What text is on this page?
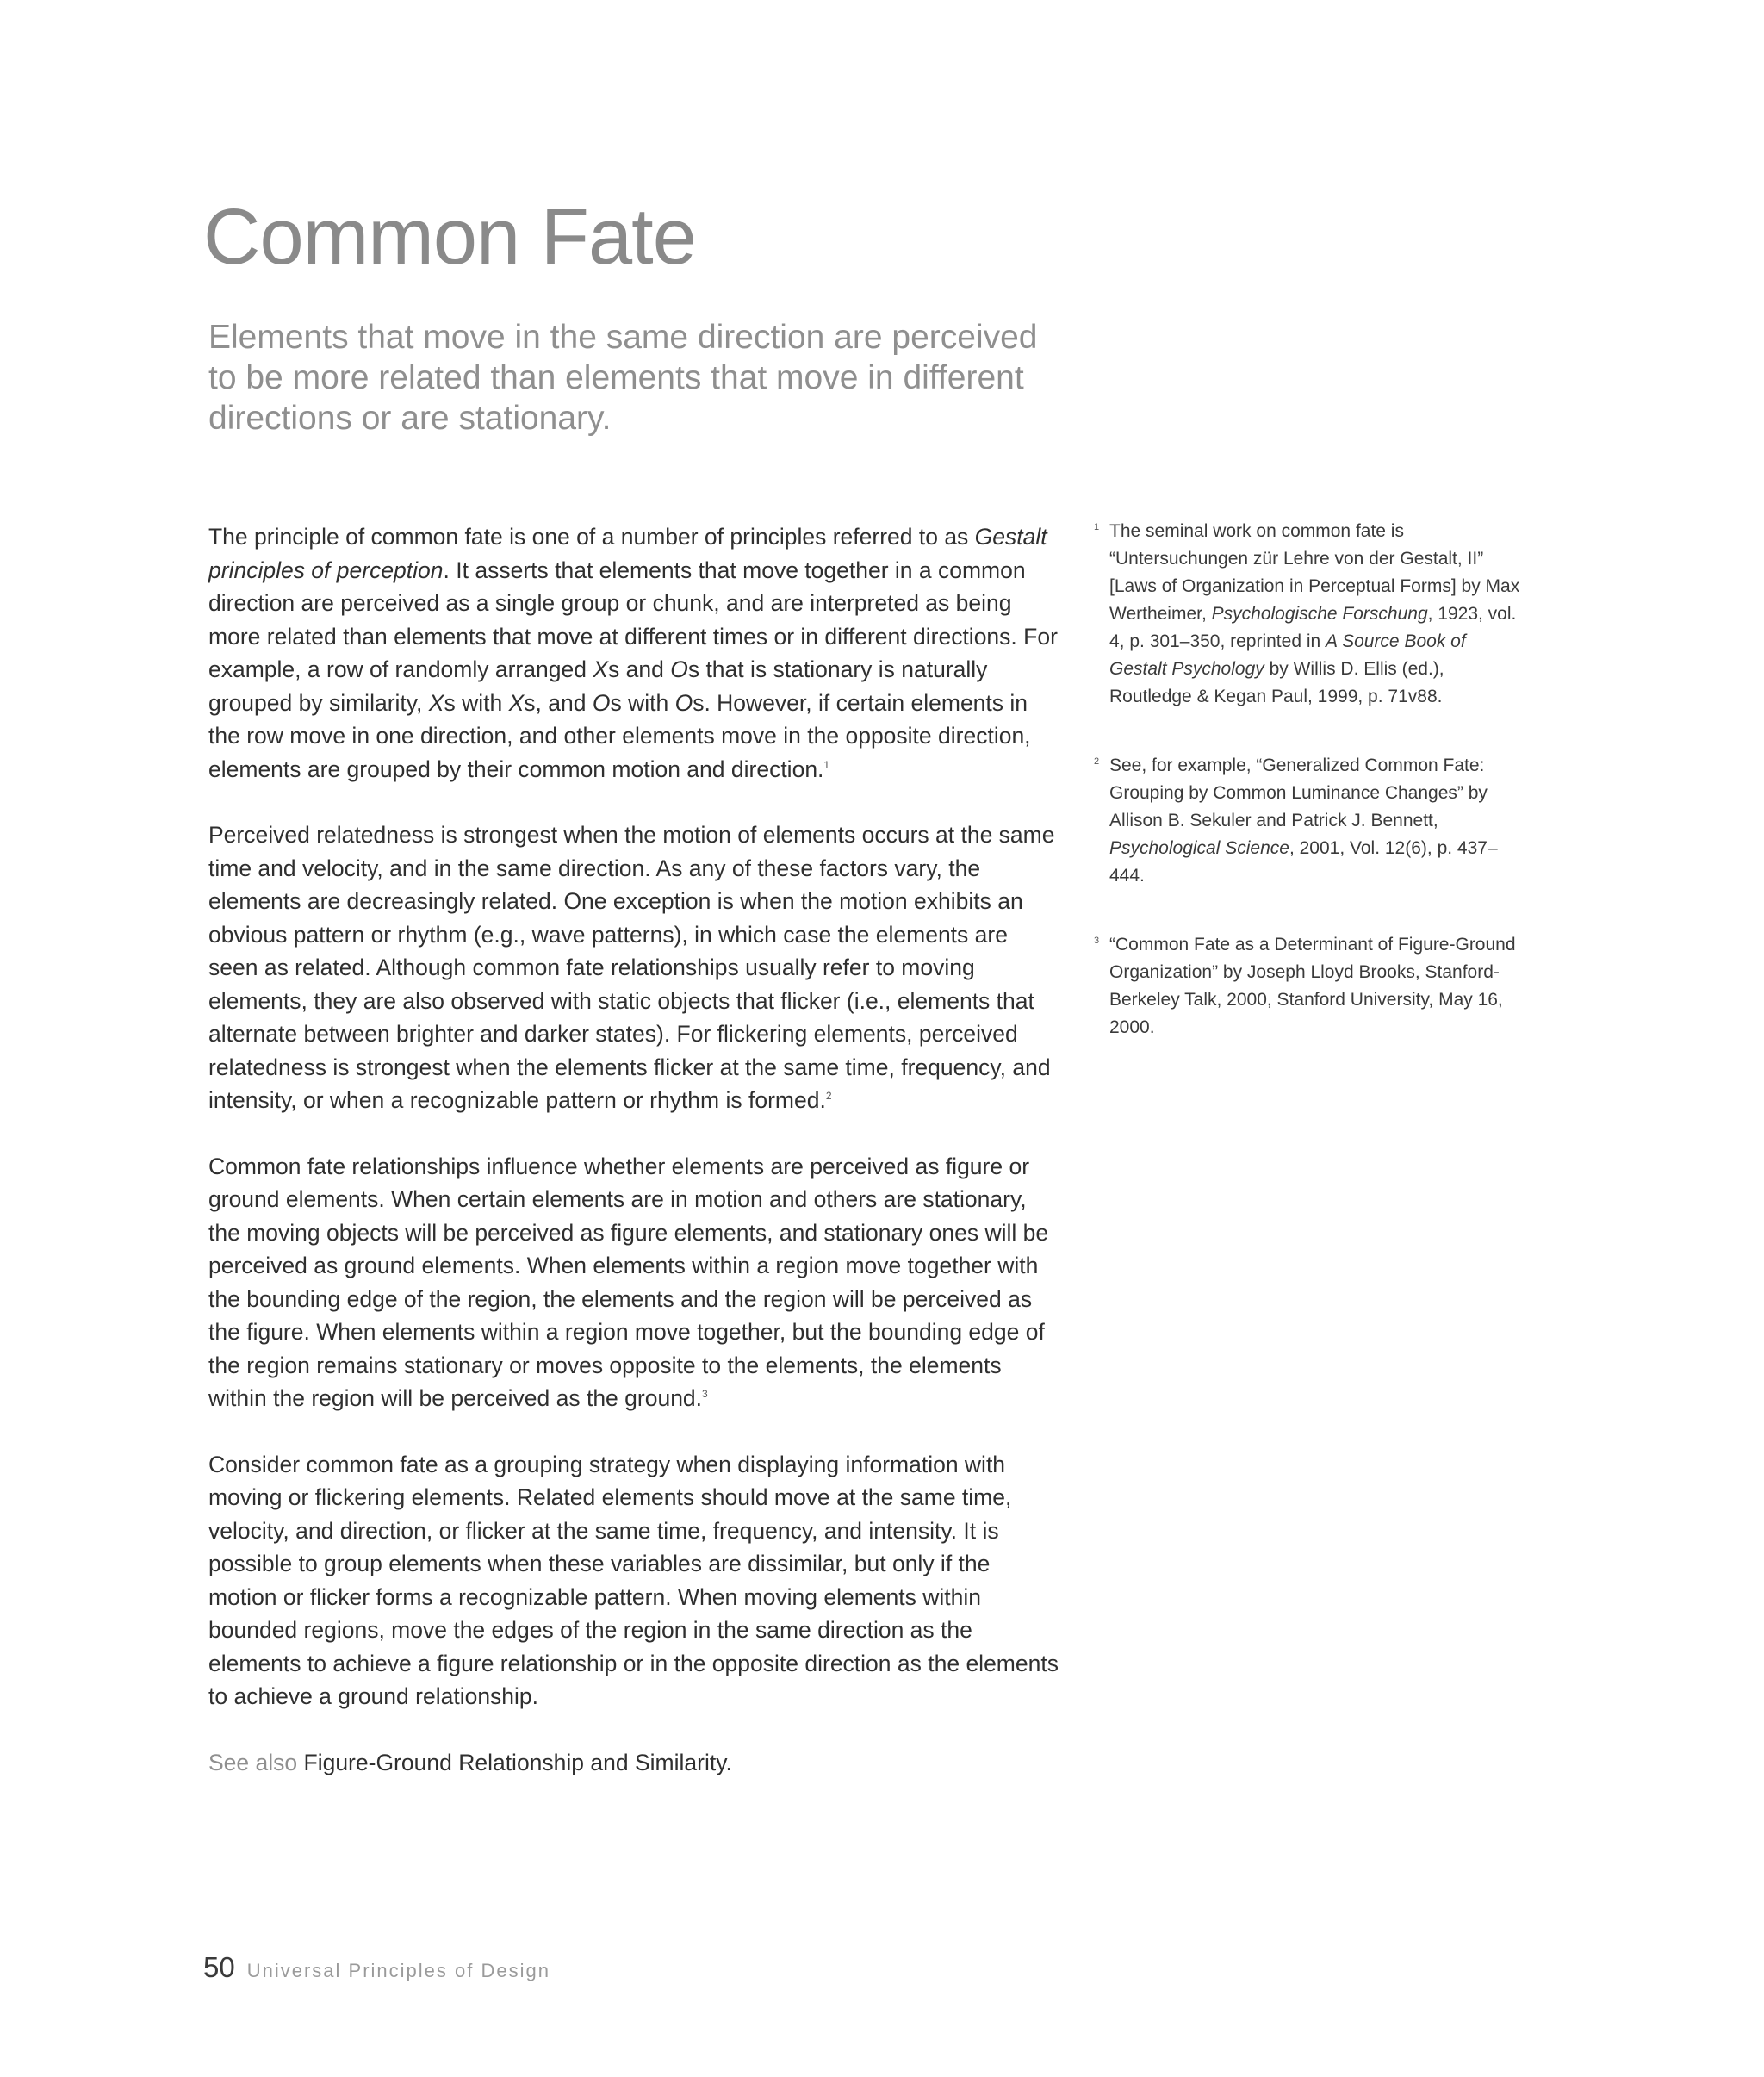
Common Fate
Elements that move in the same direction are perceived to be more related than elements that move in different directions or are stationary.

The principle of common fate is one of a number of principles referred to as Gestalt principles of perception. It asserts that elements that move together in a common direction are perceived as a single group or chunk, and are interpreted as being more related than elements that move at different times or in different directions. For example, a row of randomly arranged Xs and Os that is stationary is naturally grouped by similarity, Xs with Xs, and Os with Os. However, if certain elements in the row move in one direction, and other elements move in the opposite direction, elements are grouped by their common motion and direction.$^1$

Perceived relatedness is strongest when the motion of elements occurs at the same time and velocity, and in the same direction. As any of these factors vary, the elements are decreasingly related. One exception is when the motion exhibits an obvious pattern or rhythm (e.g., wave patterns), in which case the elements are seen as related. Although common fate relationships usually refer to moving elements, they are also observed with static objects that flicker (i.e., elements that alternate between brighter and darker states). For flickering elements, perceived relatedness is strongest when the elements flicker at the same time, frequency, and intensity, or when a recognizable pattern or rhythm is formed.$^2$

Common fate relationships influence whether elements are perceived as figure or ground elements. When certain elements are in motion and others are stationary, the moving objects will be perceived as figure elements, and stationary ones will be perceived as ground elements. When elements within a region move together with the bounding edge of the region, the elements and the region will be perceived as the figure. When elements within a region move together, but the bounding edge of the region remains stationary or moves opposite to the elements, the elements within the region will be perceived as the ground.$^3$

Consider common fate as a grouping strategy when displaying information with moving or flickering elements. Related elements should move at the same time, velocity, and direction, or flicker at the same time, frequency, and intensity. It is possible to group elements when these variables are dissimilar, but only if the motion or flicker forms a recognizable pattern. When moving elements within bounded regions, move the edges of the region in the same direction as the elements to achieve a figure relationship or in the opposite direction as the elements to achieve a ground relationship.

See also Figure-Ground Relationship and Similarity.

1 The seminal work on common fate is “Untersuchungen zür Lehre von der Gestalt, II” [Laws of Organization in Perceptual Forms] by Max Wertheimer, Psychologische Forschung, 1923, vol. 4, p. 301–350, reprinted in A Source Book of Gestalt Psychology by Willis D. Ellis (ed.), Routledge & Kegan Paul, 1999, p. 71v88.
2 See, for example, “Generalized Common Fate: Grouping by Common Luminance Changes” by Allison B. Sekuler and Patrick J. Bennett, Psychological Science, 2001, Vol. 12(6), p. 437–444.
3 “Common Fate as a Determinant of Figure-Ground Organization” by Joseph Lloyd Brooks, Stanford-Berkeley Talk, 2000, Stanford University, May 16, 2000.
50 Universal Principles of Design
